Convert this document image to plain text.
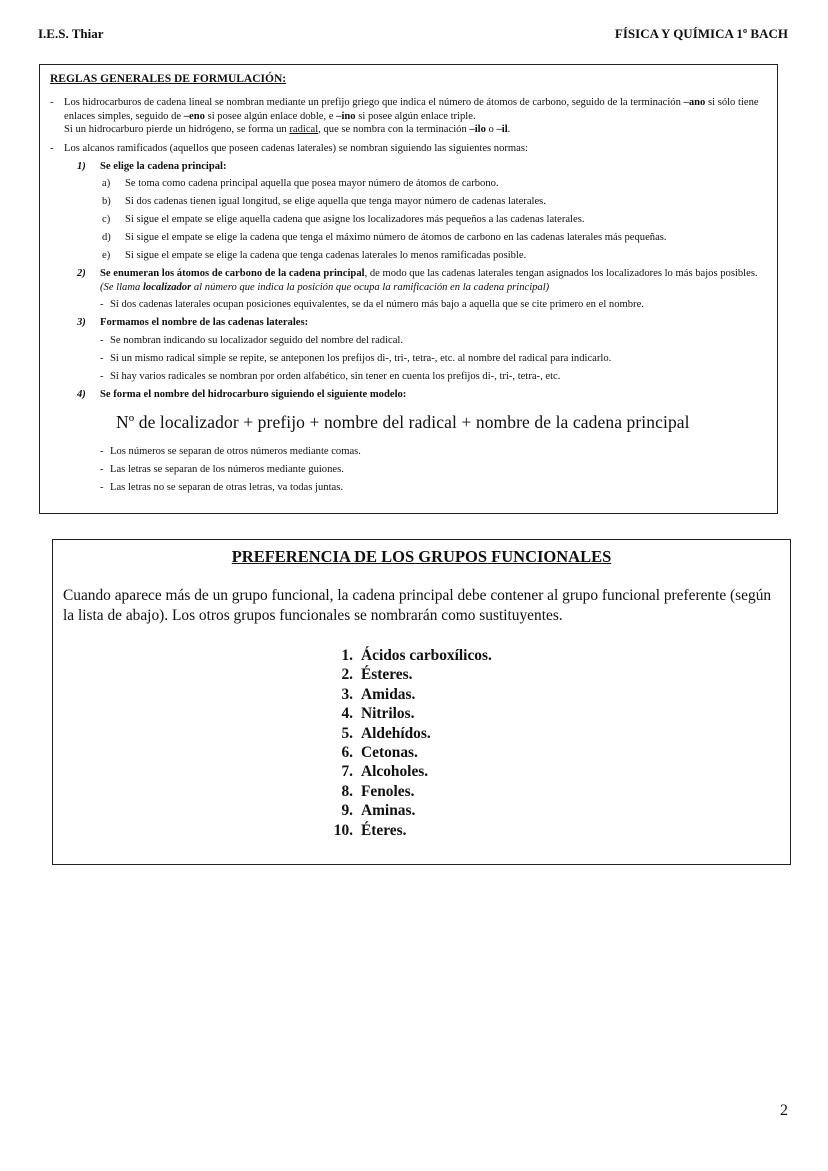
I.E.S. Thiar	FÍSICA Y QUÍMICA 1º BACH
REGLAS GENERALES DE FORMULACIÓN:
- Los hidrocarburos de cadena lineal se nombran mediante un prefijo griego que indica el número de átomos de carbono, seguido de la terminación –ano si sólo tiene enlaces simples, seguido de –eno si posee algún enlace doble, e –ino si posee algún enlace triple.
Si un hidrocarburo pierde un hidrógeno, se forma un radical, que se nombra con la terminación –ilo o –il.
- Los alcanos ramificados (aquellos que poseen cadenas laterales) se nombran siguiendo las siguientes normas:
1) Se elige la cadena principal:
a) Se toma como cadena principal aquella que posea mayor número de átomos de carbono.
b) Si dos cadenas tienen igual longitud, se elige aquella que tenga mayor número de cadenas laterales.
c) Si sigue el empate se elige aquella cadena que asigne los localizadores más pequeños a las cadenas laterales.
d) Si sigue el empate se elige la cadena que tenga el máximo número de átomos de carbono en las cadenas laterales más pequeñas.
e) Si sigue el empate se elige la cadena que tenga cadenas laterales lo menos ramificadas posible.
2) Se enumeran los átomos de carbono de la cadena principal, de modo que las cadenas laterales tengan asignados los localizadores lo más bajos posibles. (Se llama localizador al número que indica la posición que ocupa la ramificación en la cadena principal)
- Si dos cadenas laterales ocupan posiciones equivalentes, se da el número más bajo a aquella que se cite primero en el nombre.
3) Formamos el nombre de las cadenas laterales:
- Se nombran indicando su localizador seguido del nombre del radical.
- Si un mismo radical simple se repite, se anteponen los prefijos di-, tri-, tetra-, etc. al nombre del radical para indicarlo.
- Si hay varios radicales se nombran por orden alfabético, sin tener en cuenta los prefijos di-, tri-, tetra-, etc.
4) Se forma el nombre del hidrocarburo siguiendo el siguiente modelo:
Nº de localizador + prefijo + nombre del radical + nombre de la cadena principal
- Los números se separan de otros números mediante comas.
- Las letras se separan de los números mediante guiones.
- Las letras no se separan de otras letras, va todas juntas.
PREFERENCIA DE LOS GRUPOS FUNCIONALES
Cuando aparece más de un grupo funcional, la cadena principal debe contener al grupo funcional preferente (según la lista de abajo). Los otros grupos funcionales se nombrarán como sustituyentes.
1. Ácidos carboxílicos.
2. Ésteres.
3. Amidas.
4. Nitrilos.
5. Aldehídos.
6. Cetonas.
7. Alcoholes.
8. Fenoles.
9. Aminas.
10. Éteres.
2
